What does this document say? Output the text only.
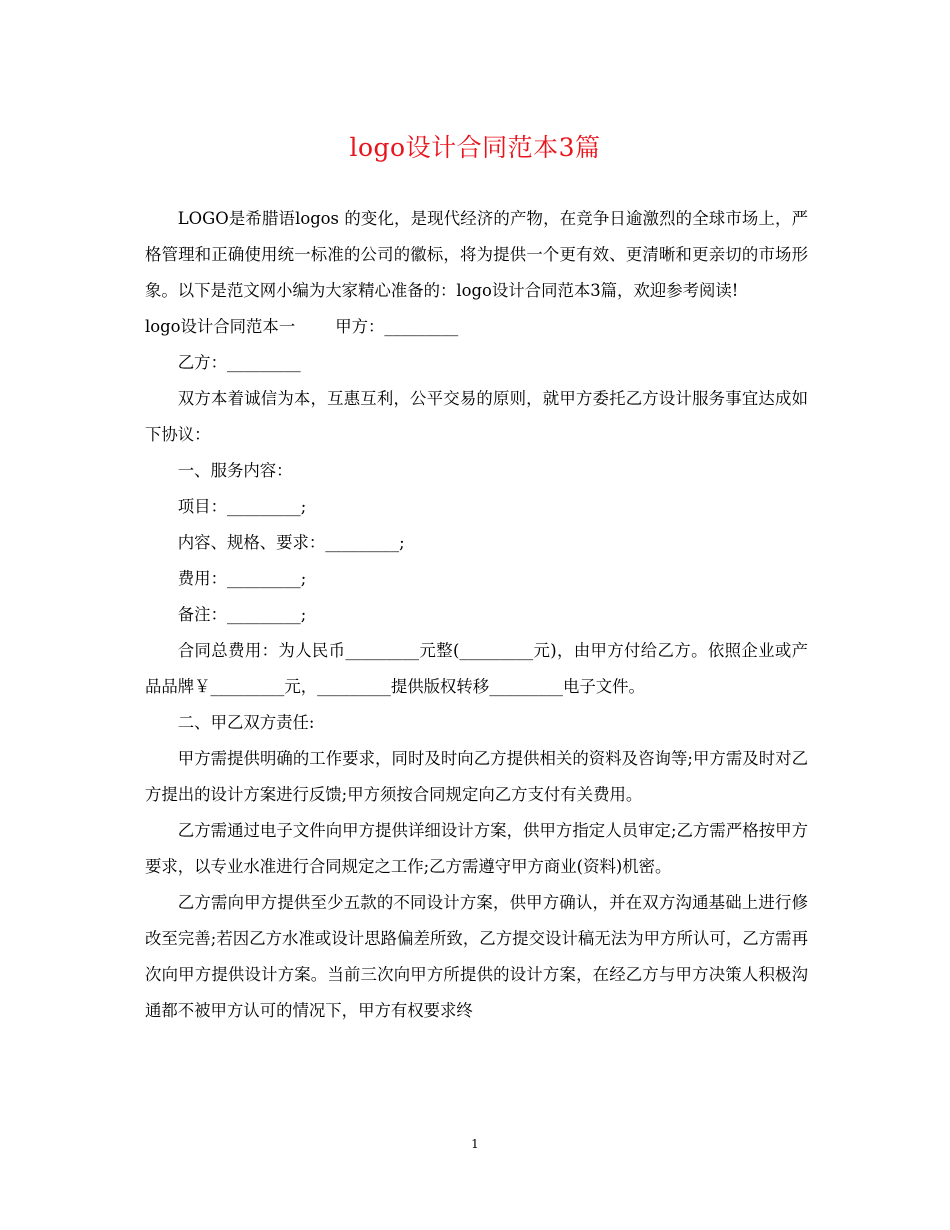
logo设计合同范本3篇

LOGO是希腊语logos 的变化，是现代经济的产物，在竞争日逾激烈的全球市场上，严格管理和正确使用统一标准的公司的徽标，将为提供一个更有效、更清晰和更亲切的市场形象。以下是范文网小编为大家精心准备的：logo设计合同范本3篇，欢迎参考阅读!

logo设计合同范本一 甲方：_________

乙方：_________

双方本着诚信为本，互惠互利，公平交易的原则，就甲方委托乙方设计服务事宜达成如下协议：

一、服务内容：

项目：_________;

内容、规格、要求：_________;

费用：_________;

备注：_________;

合同总费用：为人民币_________元整(_________元)，由甲方付给乙方。依照企业或产品品牌￥_________元，_________提供版权转移_________电子文件。

二、甲乙双方责任:

甲方需提供明确的工作要求，同时及时向乙方提供相关的资料及咨询等;甲方需及时对乙方提出的设计方案进行反馈;甲方须按合同规定向乙方支付有关费用。

乙方需通过电子文件向甲方提供详细设计方案，供甲方指定人员审定;乙方需严格按甲方要求，以专业水准进行合同规定之工作;乙方需遵守甲方商业(资料)机密。

乙方需向甲方提供至少五款的不同设计方案，供甲方确认，并在双方沟通基础上进行修改至完善;若因乙方水准或设计思路偏差所致，乙方提交设计稿无法为甲方所认可，乙方需再次向甲方提供设计方案。当前三次向甲方所提供的设计方案，在经乙方与甲方决策人积极沟通都不被甲方认可的情况下，甲方有权要求终

1
